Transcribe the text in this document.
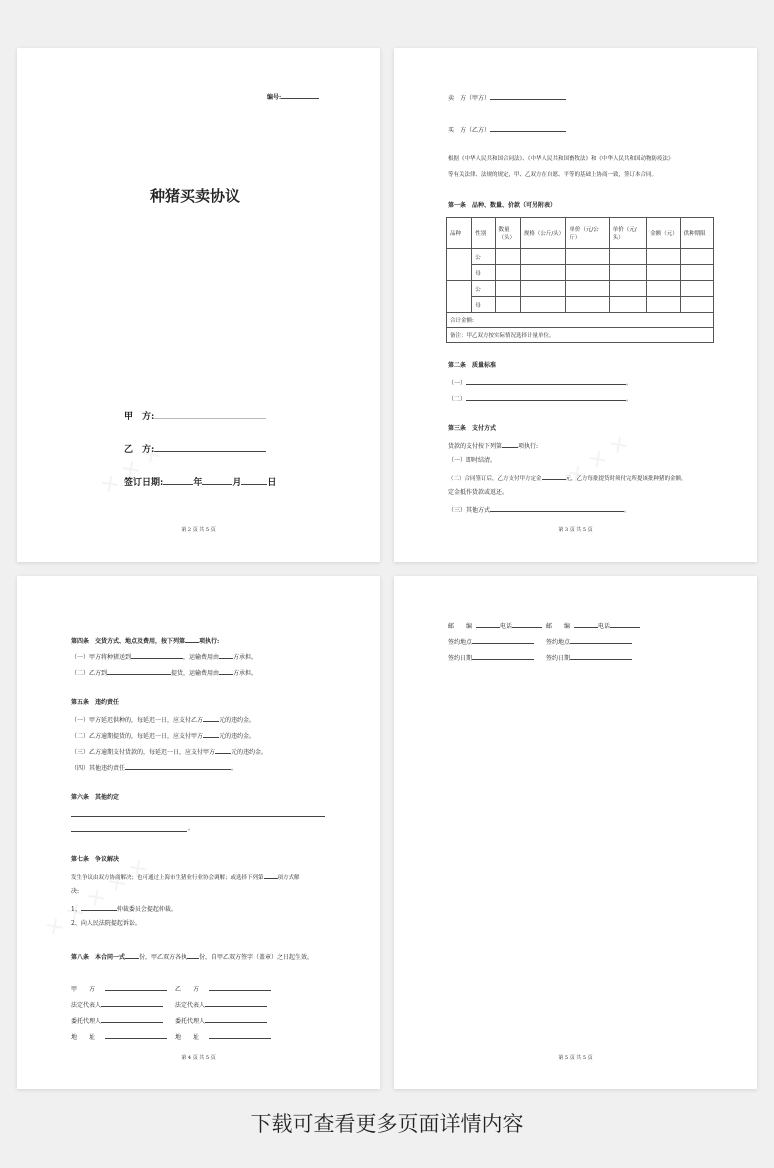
编号:
种猪买卖协议
甲　方:
乙　方:
签订日期:	年	月	日
第 2 页 共 5 页
卖　方（甲方）
买　方（乙方）
根据《中华人民共和国合同法》、《中华人民共和国畜牧法》和《中华人民共和国动物防疫法》
等有关法律、法规的规定，甲、乙双方在自愿、平等的基础上协商一致，签订本合同。
第一条　品种、数量、价款（可另附表）
品种	性别	数量（头）	规格（公斤/头）	单价（元/公斤）	单价（元/头）	金额（元）	供种期限
	公						
	母						
	公						
	母						
合计金额:							
备注：甲乙双方按实际情况选择计量单位。							
第二条　质量标准
（一）	。
（二）	。
第三条　支付方式
货款的支付按下列第	项执行:
（一）即时结清。
（二）合同签订后，乙方支付甲方定金	元，乙方每批提货时须付完所提该批种猪的金额，
定金抵作货款或返还。
（三）其他方式	。
第 3 页 共 5 页
第四条　交货方式、地点及费用，按下列第 项执行:
（一）甲方将种猪送到	，运输费用由 方承担。
（二）乙方到	提货，运输费用由 方承担。
第五条　违约责任
（一）甲方延迟供种的，每延迟一日，应支付乙方	元的违约金。
（二）乙方逾期提货的，每延迟一日，应支付甲方	元的违约金。
（三）乙方逾期支付货款的，每延迟一日，应支付甲方	元的违约金。
（四）其他违约责任	。
第六条　其他约定
。
第七条　争议解决
发生争议由双方协商解决；也可通过上海市生猪业行业协会调解；或选择下列第	项方式解
决:
1、	仲裁委员会提起仲裁。
2、向人民法院提起诉讼。
第八条　本合同一式 份，甲乙双方各执 份，自甲乙双方签字（盖章）之日起生效。
甲　　方	乙　　方
法定代表人	法定代表人
委托代理人	委托代理人
地　　址	地　　址
第 4 页 共 5 页
邮　　编	电话	邮　　编	电话
签约地点	签约地点
签约日期	签约日期
第 5 页 共 5 页
下载可查看更多页面详情内容
